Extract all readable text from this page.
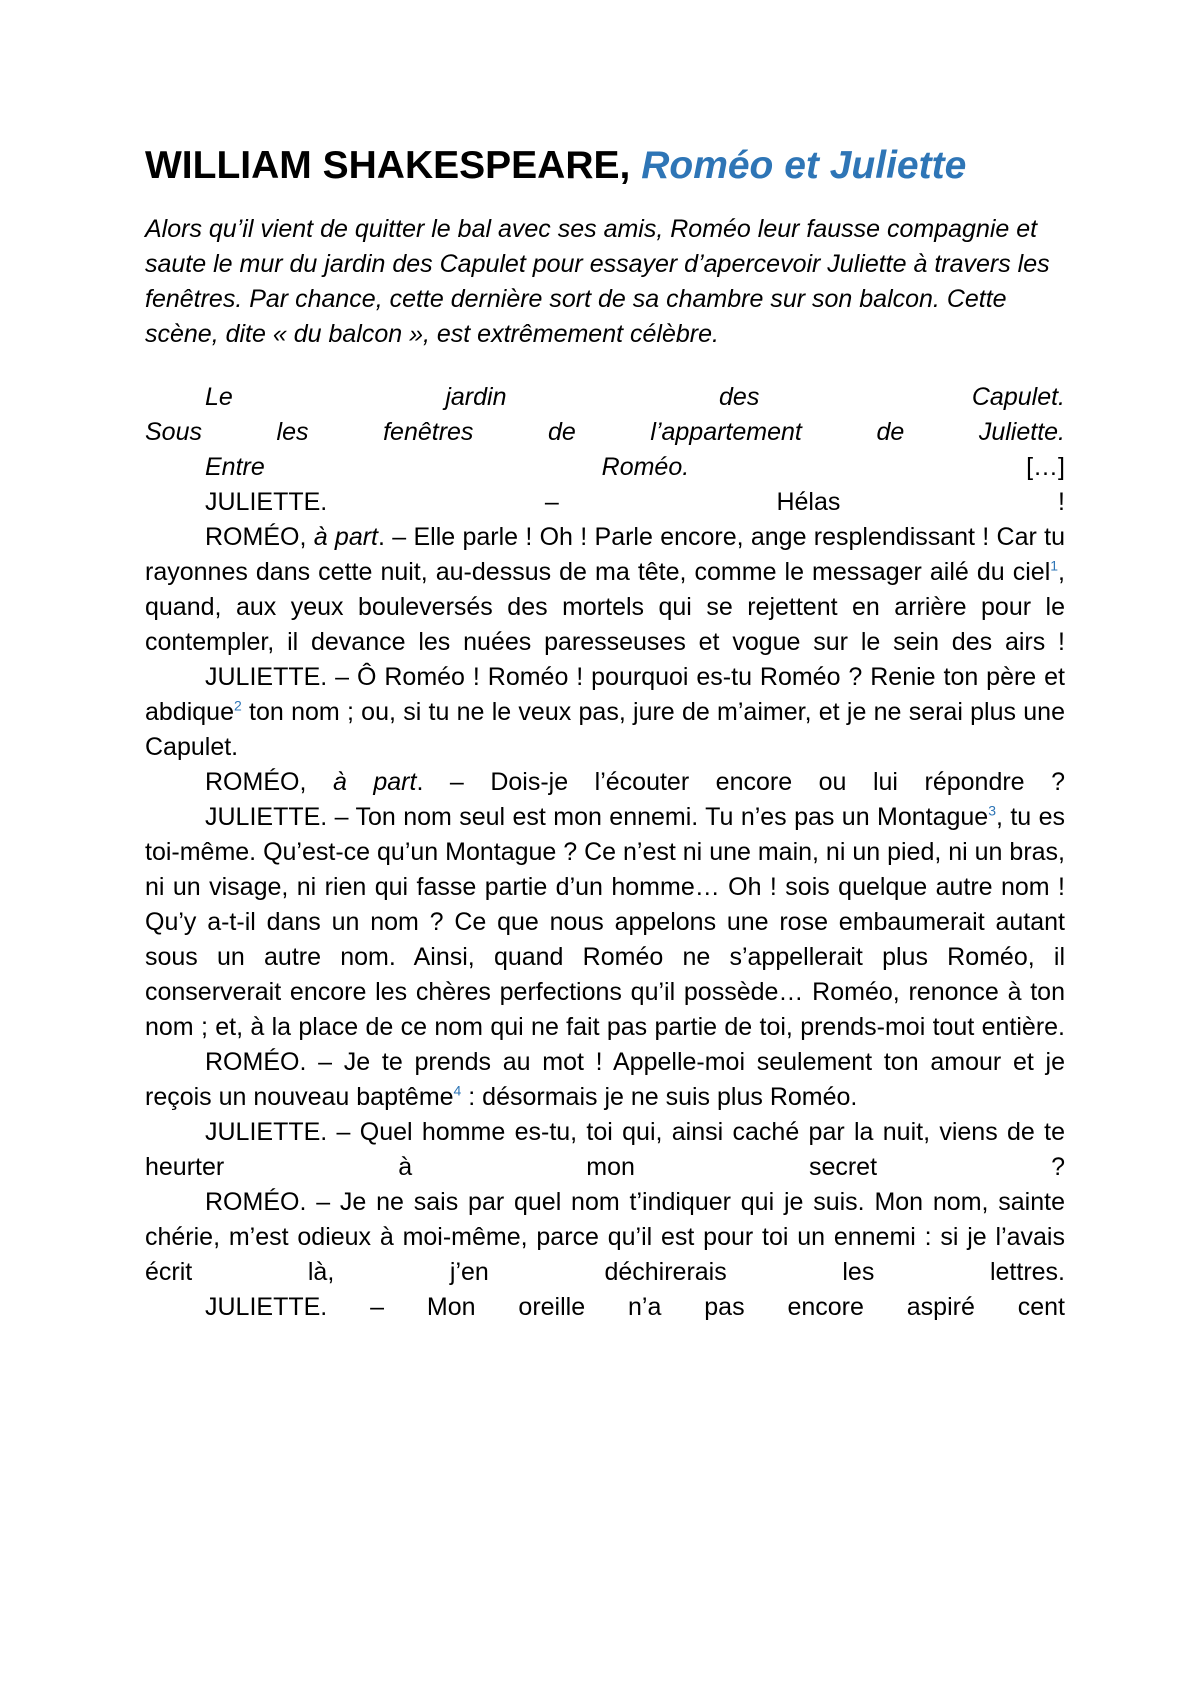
WILLIAM SHAKESPEARE, Roméo et Juliette

Alors qu’il vient de quitter le bal avec ses amis, Roméo leur fausse compagnie et saute le mur du jardin des Capulet pour essayer d’apercevoir Juliette à travers les fenêtres. Par chance, cette dernière sort de sa chambre sur son balcon. Cette scène, dite « du balcon », est extrêmement célèbre.

Le jardin des Capulet.

Sous les fenêtres de l’appartement de Juliette.

Entre Roméo.	[…]

JULIETTE.	– Hélas !

ROMÉO, à part. – Elle parle ! Oh ! Parle encore, ange resplendissant ! Car tu rayonnes dans cette nuit, au-dessus de ma tête, comme le messager ailé du ciel$^1$, quand, aux yeux bouleversés des mortels qui se rejettent en arrière pour le contempler, il devance les nuées paresseuses et vogue sur le sein des airs !

JULIETTE. – Ô Roméo ! Roméo ! pourquoi es-tu Roméo ? Renie ton père et abdique$^2$ ton nom ; ou, si tu ne le veux pas, jure de m’aimer, et je ne serai plus une Capulet.

ROMÉO, à part. – Dois-je l’écouter encore ou lui répondre ?

JULIETTE. – Ton nom seul est mon ennemi. Tu n’es pas un Montague$^3$, tu es toi-même. Qu’est-ce qu’un Montague ? Ce n’est ni une main, ni un pied, ni un bras, ni un visage, ni rien qui fasse partie d’un homme… Oh ! sois quelque autre nom ! Qu’y a-t-il dans un nom ? Ce que nous appelons une rose embaumerait autant sous un autre nom. Ainsi, quand Roméo ne s’appellerait plus Roméo, il conserverait encore les chères perfections qu’il possède… Roméo, renonce à ton nom ; et, à la place de ce nom qui ne fait pas partie de toi, prends-moi tout entière.

ROMÉO. – Je te prends au mot ! Appelle-moi seulement ton amour et je reçois un nouveau baptême$^4$ : désormais je ne suis plus Roméo.

JULIETTE. – Quel homme es-tu, toi qui, ainsi caché par la nuit, viens de te heurter à mon secret ?

ROMÉO. – Je ne sais par quel nom t’indiquer qui je suis. Mon nom, sainte chérie, m’est odieux à moi-même, parce qu’il est pour toi un ennemi : si je l’avais écrit là, j’en déchirerais les lettres.

JULIETTE. – Mon oreille n’a pas encore aspiré cent
